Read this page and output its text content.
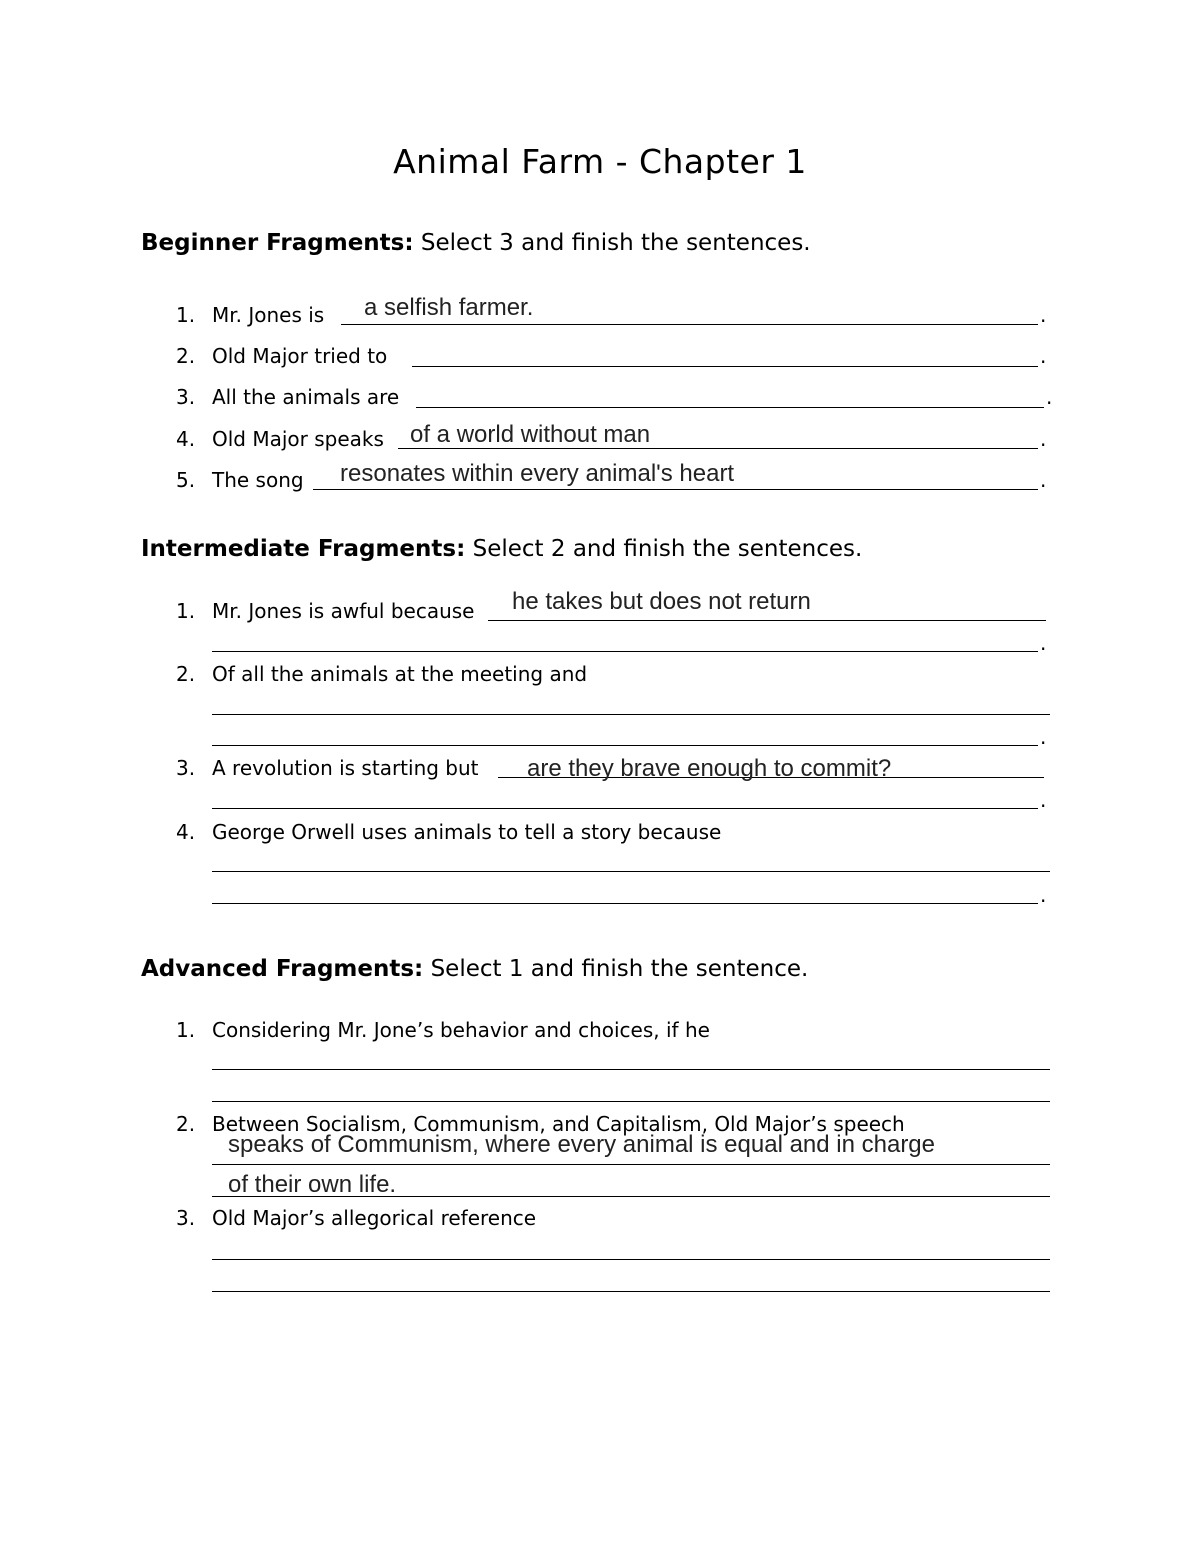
Animal Farm - Chapter 1
Beginner Fragments: Select 3 and finish the sentences.
1. Mr. Jones is	.
a selfish farmer.
2. Old Major tried to	.
3. All the animals are	.
4. Old Major speaks	.
of a world without man
5. The song	.
resonates within every animal's heart
Intermediate Fragments: Select 2 and finish the sentences.
1. Mr. Jones is awful because he takes but does not return
.
2. Of all the animals at the meeting and
.
3. A revolution is starting but are they brave enough to commit?
.
4. George Orwell uses animals to tell a story because
.
Advanced Fragments: Select 1 and finish the sentence.
1. Considering Mr. Jone’s behavior and choices, if he
2. Between Socialism, Communism, and Capitalism, Old Major’s speech
speaks of Communism, where every animal is equal and in charge
of their own life.
3. Old Major’s allegorical reference
